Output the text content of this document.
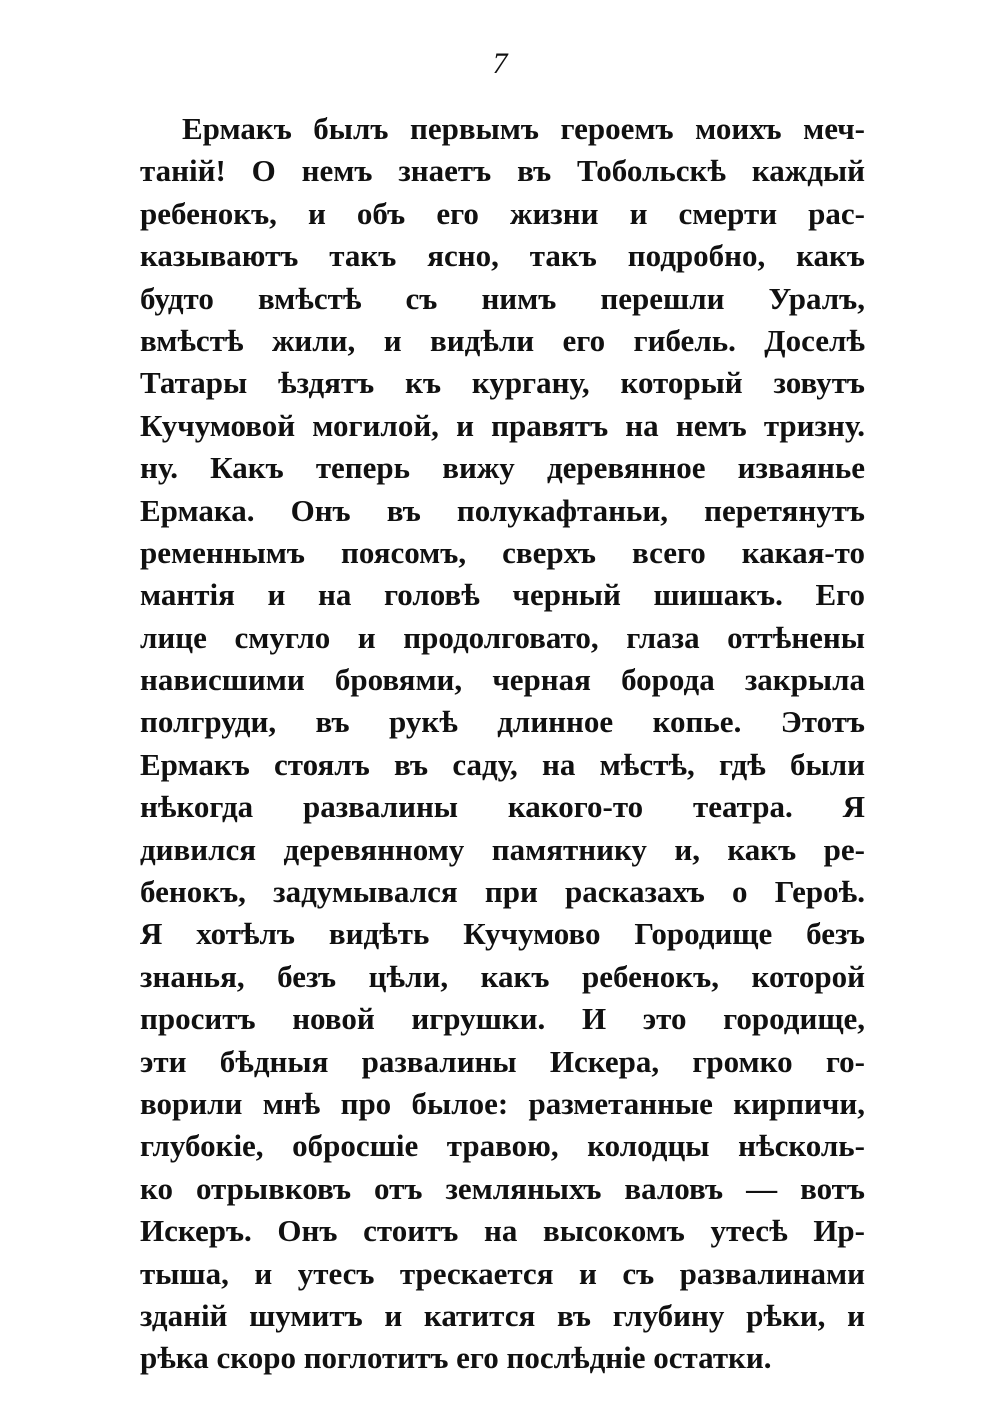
7
Ермакъ былъ первымъ героемъ моихъ меч-
таній! О немъ знаетъ въ Тобольскѣ каждый
ребенокъ, и объ его жизни и смерти рас-
казываютъ такъ ясно, такъ подробно, какъ
будто вмѣстѣ съ нимъ перешли Уралъ,
вмѣстѣ жили, и видѣли его гибель. Доселѣ
Татары ѣздятъ къ кургану, который зовутъ
Кучумовой могилой, и правятъ на немъ тризну.
ну. Какъ теперь вижу деревянное изваянье
Ермака. Онъ въ полукафтаньи, перетянутъ
ременнымъ поясомъ, сверхъ всего какая-то
мантія и на головѣ черный шишакъ. Его
лице смугло и продолговато, глаза оттѣнены
нависшими бровями, черная борода закрыла
полгруди, въ рукѣ длинное копье. Этотъ
Ермакъ стоялъ въ саду, на мѣстѣ, гдѣ были
нѣкогда развалины какого-то театра. Я
дивился деревянному памятнику и, какъ ре-
бенокъ, задумывался при расказахъ о Героѣ.
Я хотѣлъ видѣть Кучумово Городище безъ
знанья, безъ цѣли, какъ ребенокъ, которой
проситъ новой игрушки. И это городище,
эти бѣдныя развалины Искера, громко го-
ворили мнѣ про былое: разметанные кирпичи,
глубокіе, обросшіе травою, колодцы нѣсколь-
ко отрывковъ отъ земляныхъ валовъ — вотъ
Искеръ. Онъ стоитъ на высокомъ утесѣ Ир-
тыша, и утесъ трескается и съ развалинами
зданій шумитъ и катится въ глубину рѣки, и
рѣка скоро поглотитъ его послѣдніе остатки.
